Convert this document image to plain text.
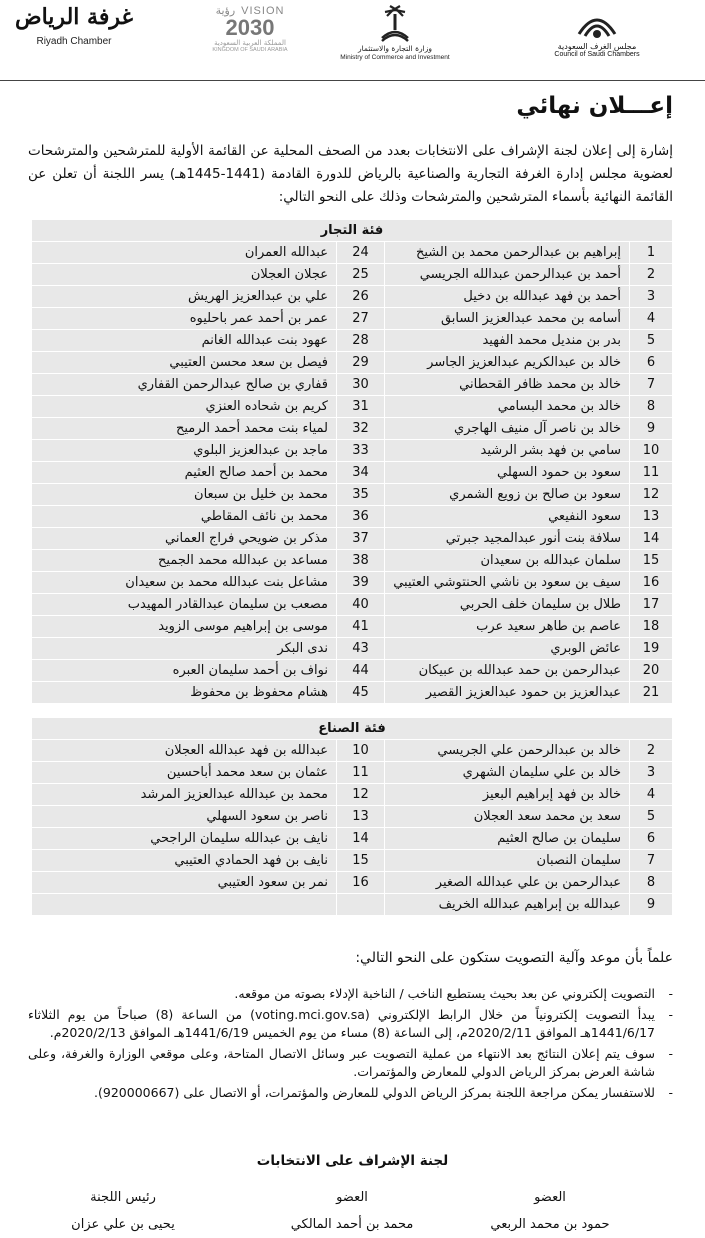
مجلس الغرف السعودية
Council of Saudi Chambers
وزارة التجارة والاستثمار
Ministry of Commerce and Investment
VISION
رؤية
2030
المملكة العربية السعودية
KINGDOM OF SAUDI ARABIA
غرفة الرياض
Riyadh Chamber
إعـــلان نهائي

إشارة إلى إعلان لجنة الإشراف على الانتخابات بعدد من الصحف المحلية عن القائمة الأولية للمترشحين والمترشحات لعضوية مجلس إدارة الغرفة التجارية والصناعية بالرياض للدورة القادمة (1441-1445هـ) يسر اللجنة أن تعلن عن القائمة النهائية بأسماء المترشحين والمترشحات وذلك على النحو التالي:

فئة التجار
1
إبراهيم بن عبدالرحمن محمد بن الشيخ
24
عبدالله العمران
2
أحمد بن عبدالرحمن عبدالله الجريسي
25
عجلان العجلان
3
أحمد بن فهد عبدالله بن دخيل
26
علي بن عبدالعزيز الهريش
4
أسامه بن محمد عبدالعزيز السابق
27
عمر بن أحمد عمر باحليوه
5
بدر بن منديل محمد الفهيد
28
عهود بنت عبدالله الغانم
6
خالد بن عبدالكريم عبدالعزيز الجاسر
29
فيصل بن سعد محسن العتيبي
7
خالد بن محمد ظافر القحطاني
30
قفاري بن صالح عبدالرحمن القفاري
8
خالد بن محمد البسامي
31
كريم بن شحاده العنزي
9
خالد بن ناصر آل منيف الهاجري
32
لمياء بنت محمد أحمد الرميح
10
سامي بن فهد بشر الرشيد
33
ماجد بن عبدالعزيز البلوي
11
سعود بن حمود السهلي
34
محمد بن أحمد صالح العثيم
12
سعود بن صالح بن زويع الشمري
35
محمد بن خليل بن سبعان
13
سعود النفيعي
36
محمد بن نائف المقاطي
14
سلافة بنت أنور عبدالمجيد جبرتي
37
مذكر بن ضويحي فراج العماني
15
سلمان عبدالله بن سعيدان
38
مساعد بن عبدالله محمد الجميح
16
سيف بن سعود بن ناشي الحنتوشي العتيبي
39
مشاعل بنت عبدالله محمد بن سعيدان
17
طلال بن سليمان خلف الحربي
40
مصعب بن سليمان عبدالقادر المهيدب
18
عاصم بن طاهر سعيد عرب
41
موسى بن إبراهيم موسى الزويد
19
عائض الوبري
43
ندى البكر
20
عبدالرحمن بن حمد عبدالله بن عبيكان
44
نواف بن أحمد سليمان العبره
21
عبدالعزيز بن حمود عبدالعزيز القصير
45
هشام محفوظ بن محفوظ
فئة الصناع
2
خالد بن عبدالرحمن علي الجريسي
10
عبدالله بن فهد عبدالله العجلان
3
خالد بن علي سليمان الشهري
11
عثمان بن سعد محمد أباحسين
4
خالد بن فهد إبراهيم البعيز
12
محمد بن عبدالله عبدالعزيز المرشد
5
سعد بن محمد سعد العجلان
13
ناصر بن سعود السهلي
6
سليمان بن صالح العثيم
14
نايف بن عبدالله سليمان الراجحي
7
سليمان النصبان
15
نايف بن فهد الحمادي العتيبي
8
عبدالرحمن بن علي عبدالله الصغير
16
نمر بن سعود العتيبي
9
عبدالله بن إبراهيم عبدالله الخريف

علماً بأن موعد وآلية التصويت ستكون على النحو التالي:

-
التصويت إلكتروني عن بعد بحيث يستطيع الناخب / الناخبة الإدلاء بصوته من موقعه.
-
يبدأ التصويت إلكترونياً من خلال الرابط الإلكتروني (voting.mci.gov.sa) من الساعة (8) صباحاً من يوم الثلاثاء 1441/6/17هـ الموافق 2020/2/11م، إلى الساعة (8) مساء من يوم الخميس 1441/6/19هـ الموافق 2020/2/13م.
-
سوف يتم إعلان النتائج بعد الانتهاء من عملية التصويت عبر وسائل الاتصال المتاحة، وعلى موقعي الوزارة والغرفة، وعلى شاشة العرض بمركز الرياض الدولي للمعارض والمؤتمرات.
-
للاستفسار يمكن مراجعة اللجنة بمركز الرياض الدولي للمعارض والمؤتمرات، أو الاتصال على (920000667).
لجنة الإشراف على الانتخابات
العضو
حمود بن محمد الربعي
العضو
محمد بن أحمد المالكي
رئيس اللجنة
يحيى بن علي عزان
